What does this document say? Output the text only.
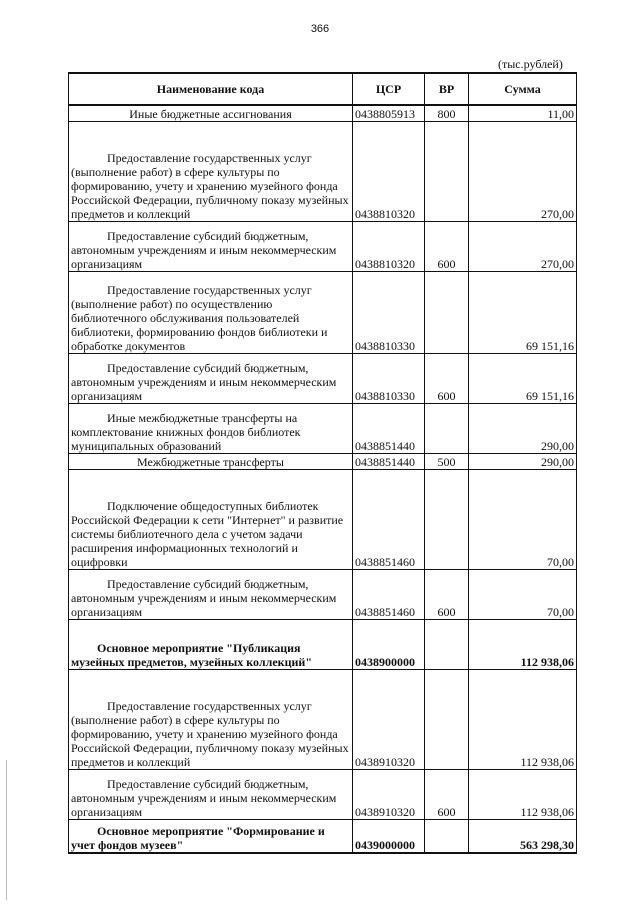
366
(тыс.рублей)
Наименование кода	ЦСР	ВР	Сумма
Иные бюджетные ассигнования	0438805913	800	11,00
Предоставление государственных услуг (выполнение работ) в сфере культуры по формированию, учету и хранению музейного фонда Российской Федерации, публичному показу музейных предметов и коллекций	0438810320		270,00
Предоставление субсидий бюджетным, автономным учреждениям и иным некоммерческим организациям	0438810320	600	270,00
Предоставление государственных услуг (выполнение работ) по осуществлению библиотечного обслуживания пользователей библиотеки, формированию фондов библиотеки и обработке документов	0438810330		69 151,16
Предоставление субсидий бюджетным, автономным учреждениям и иным некоммерческим организациям	0438810330	600	69 151,16
Иные межбюджетные трансферты на комплектование книжных фондов библиотек муниципальных образований	0438851440		290,00
Межбюджетные трансферты	0438851440	500	290,00
Подключение общедоступных библиотек Российской Федерации к сети "Интернет" и развитие системы библиотечного дела с учетом задачи расширения информационных технологий и оцифровки	0438851460		70,00
Предоставление субсидий бюджетным, автономным учреждениям и иным некоммерческим организациям	0438851460	600	70,00
Основное мероприятие "Публикация музейных предметов, музейных коллекций"	0438900000		112 938,06
Предоставление государственных услуг (выполнение работ) в сфере культуры по формированию, учету и хранению музейного фонда Российской Федерации, публичному показу музейных предметов и коллекций	0438910320		112 938,06
Предоставление субсидий бюджетным, автономным учреждениям и иным некоммерческим организациям	0438910320	600	112 938,06
Основное мероприятие "Формирование и учет фондов музеев"	0439000000		563 298,30
